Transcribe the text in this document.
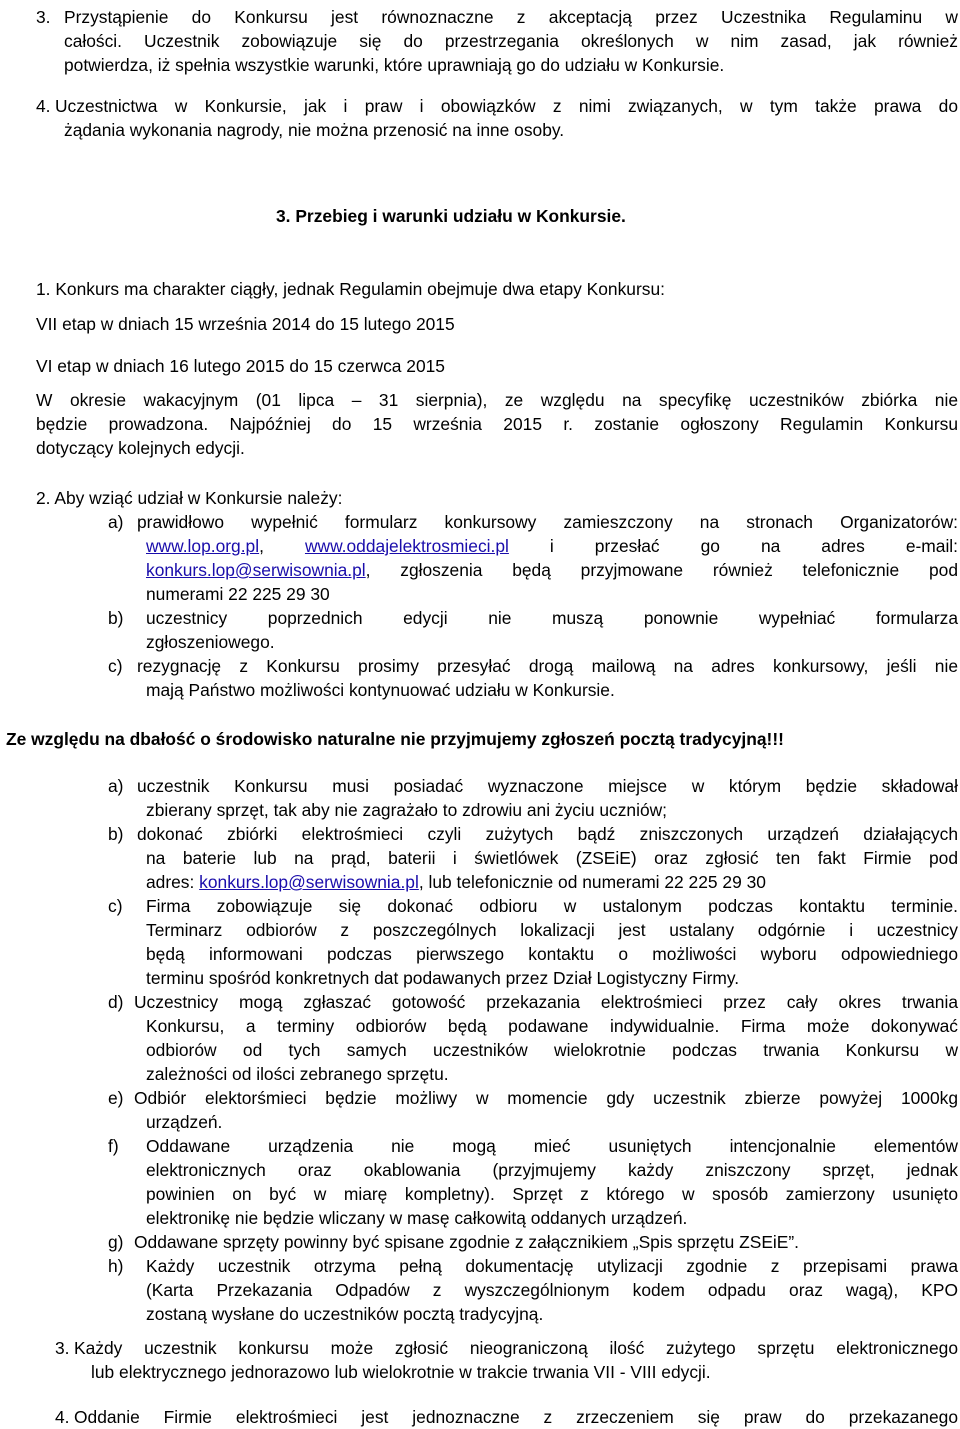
3. Przystąpienie do Konkursu jest równoznaczne z akceptacją przez Uczestnika Regulaminu w
całości. Uczestnik zobowiązuje się do przestrzegania określonych w nim zasad, jak również
potwierdza, iż spełnia wszystkie warunki, które uprawniają go do udziału w Konkursie.
4. Uczestnictwa w Konkursie, jak i praw i obowiązków z nimi związanych, w tym także prawa do
żądania wykonania nagrody, nie można przenosić na inne osoby.
3. Przebieg i warunki udziału w Konkursie.
1. Konkurs ma charakter ciągły, jednak Regulamin obejmuje dwa etapy Konkursu:
VII etap w dniach 15 września 2014 do 15 lutego 2015
VI etap w dniach 16 lutego 2015 do 15 czerwca 2015
W okresie wakacyjnym (01 lipca – 31 sierpnia), ze względu na specyfikę uczestników zbiórka nie
będzie prowadzona. Najpóźniej do 15 września 2015 r. zostanie ogłoszony Regulamin Konkursu
dotyczący kolejnych edycji.
2. Aby wziąć udział w Konkursie należy:
a) prawidłowo wypełnić formularz konkursowy zamieszczony na stronach Organizatorów:
www.lop.org.pl, www.oddajelektrosmieci.pl i przesłać go na adres e-mail:
konkurs.lop@serwisownia.pl, zgłoszenia będą przyjmowane również telefonicznie pod
numerami 22 225 29 30
b) uczestnicy poprzednich edycji nie muszą ponownie wypełniać formularza
zgłoszeniowego.
c) rezygnację z Konkursu prosimy przesyłać drogą mailową na adres konkursowy, jeśli nie
mają Państwo możliwości kontynuować udziału w Konkursie.
Ze względu na dbałość o środowisko naturalne nie przyjmujemy zgłoszeń pocztą tradycyjną!!!
a) uczestnik Konkursu musi posiadać wyznaczone miejsce w którym będzie składował
zbierany sprzęt, tak aby nie zagrażało to zdrowiu ani życiu uczniów;
b) dokonać zbiórki elektrośmieci czyli zużytych bądź zniszczonych urządzeń działających
na baterie lub na prąd, baterii i świetlówek (ZSEiE) oraz zgłosić ten fakt Firmie pod
adres: konkurs.lop@serwisownia.pl, lub telefonicznie od numerami 22 225 29 30
c) Firma zobowiązuje się dokonać odbioru w ustalonym podczas kontaktu terminie.
Terminarz odbiorów z poszczególnych lokalizacji jest ustalany odgórnie i uczestnicy
będą informowani podczas pierwszego kontaktu o możliwości wyboru odpowiedniego
terminu spośród konkretnych dat podawanych przez Dział Logistyczny Firmy.
d) Uczestnicy mogą zgłaszać gotowość przekazania elektrośmieci przez cały okres trwania
Konkursu, a terminy odbiorów będą podawane indywidualnie. Firma może dokonywać
odbiorów od tych samych uczestników wielokrotnie podczas trwania Konkursu w
zależności od ilości zebranego sprzętu.
e) Odbiór elektorśmieci będzie możliwy w momencie gdy uczestnik zbierze powyżej 1000kg
urządzeń.
f) Oddawane urządzenia nie mogą mieć usuniętych intencjonalnie elementów
elektronicznych oraz okablowania (przyjmujemy każdy zniszczony sprzęt, jednak
powinien on być w miarę kompletny). Sprzęt z którego w sposób zamierzony usunięto
elektronikę nie będzie wliczany w masę całkowitą oddanych urządzeń.
g) Oddawane sprzęty powinny być spisane zgodnie z załącznikiem „Spis sprzętu ZSEiE”.
h) Każdy uczestnik otrzyma pełną dokumentację utylizacji zgodnie z przepisami prawa
(Karta Przekazania Odpadów z wyszczególnionym kodem odpadu oraz wagą), KPO
zostaną wysłane do uczestników pocztą tradycyjną.
3. Każdy uczestnik konkursu może zgłosić nieograniczoną ilość zużytego sprzętu elektronicznego
lub elektrycznego jednorazowo lub wielokrotnie w trakcie trwania VII - VIII edycji.
4. Oddanie Firmie elektrośmieci jest jednoznaczne z zrzeczeniem się praw do przekazanego
